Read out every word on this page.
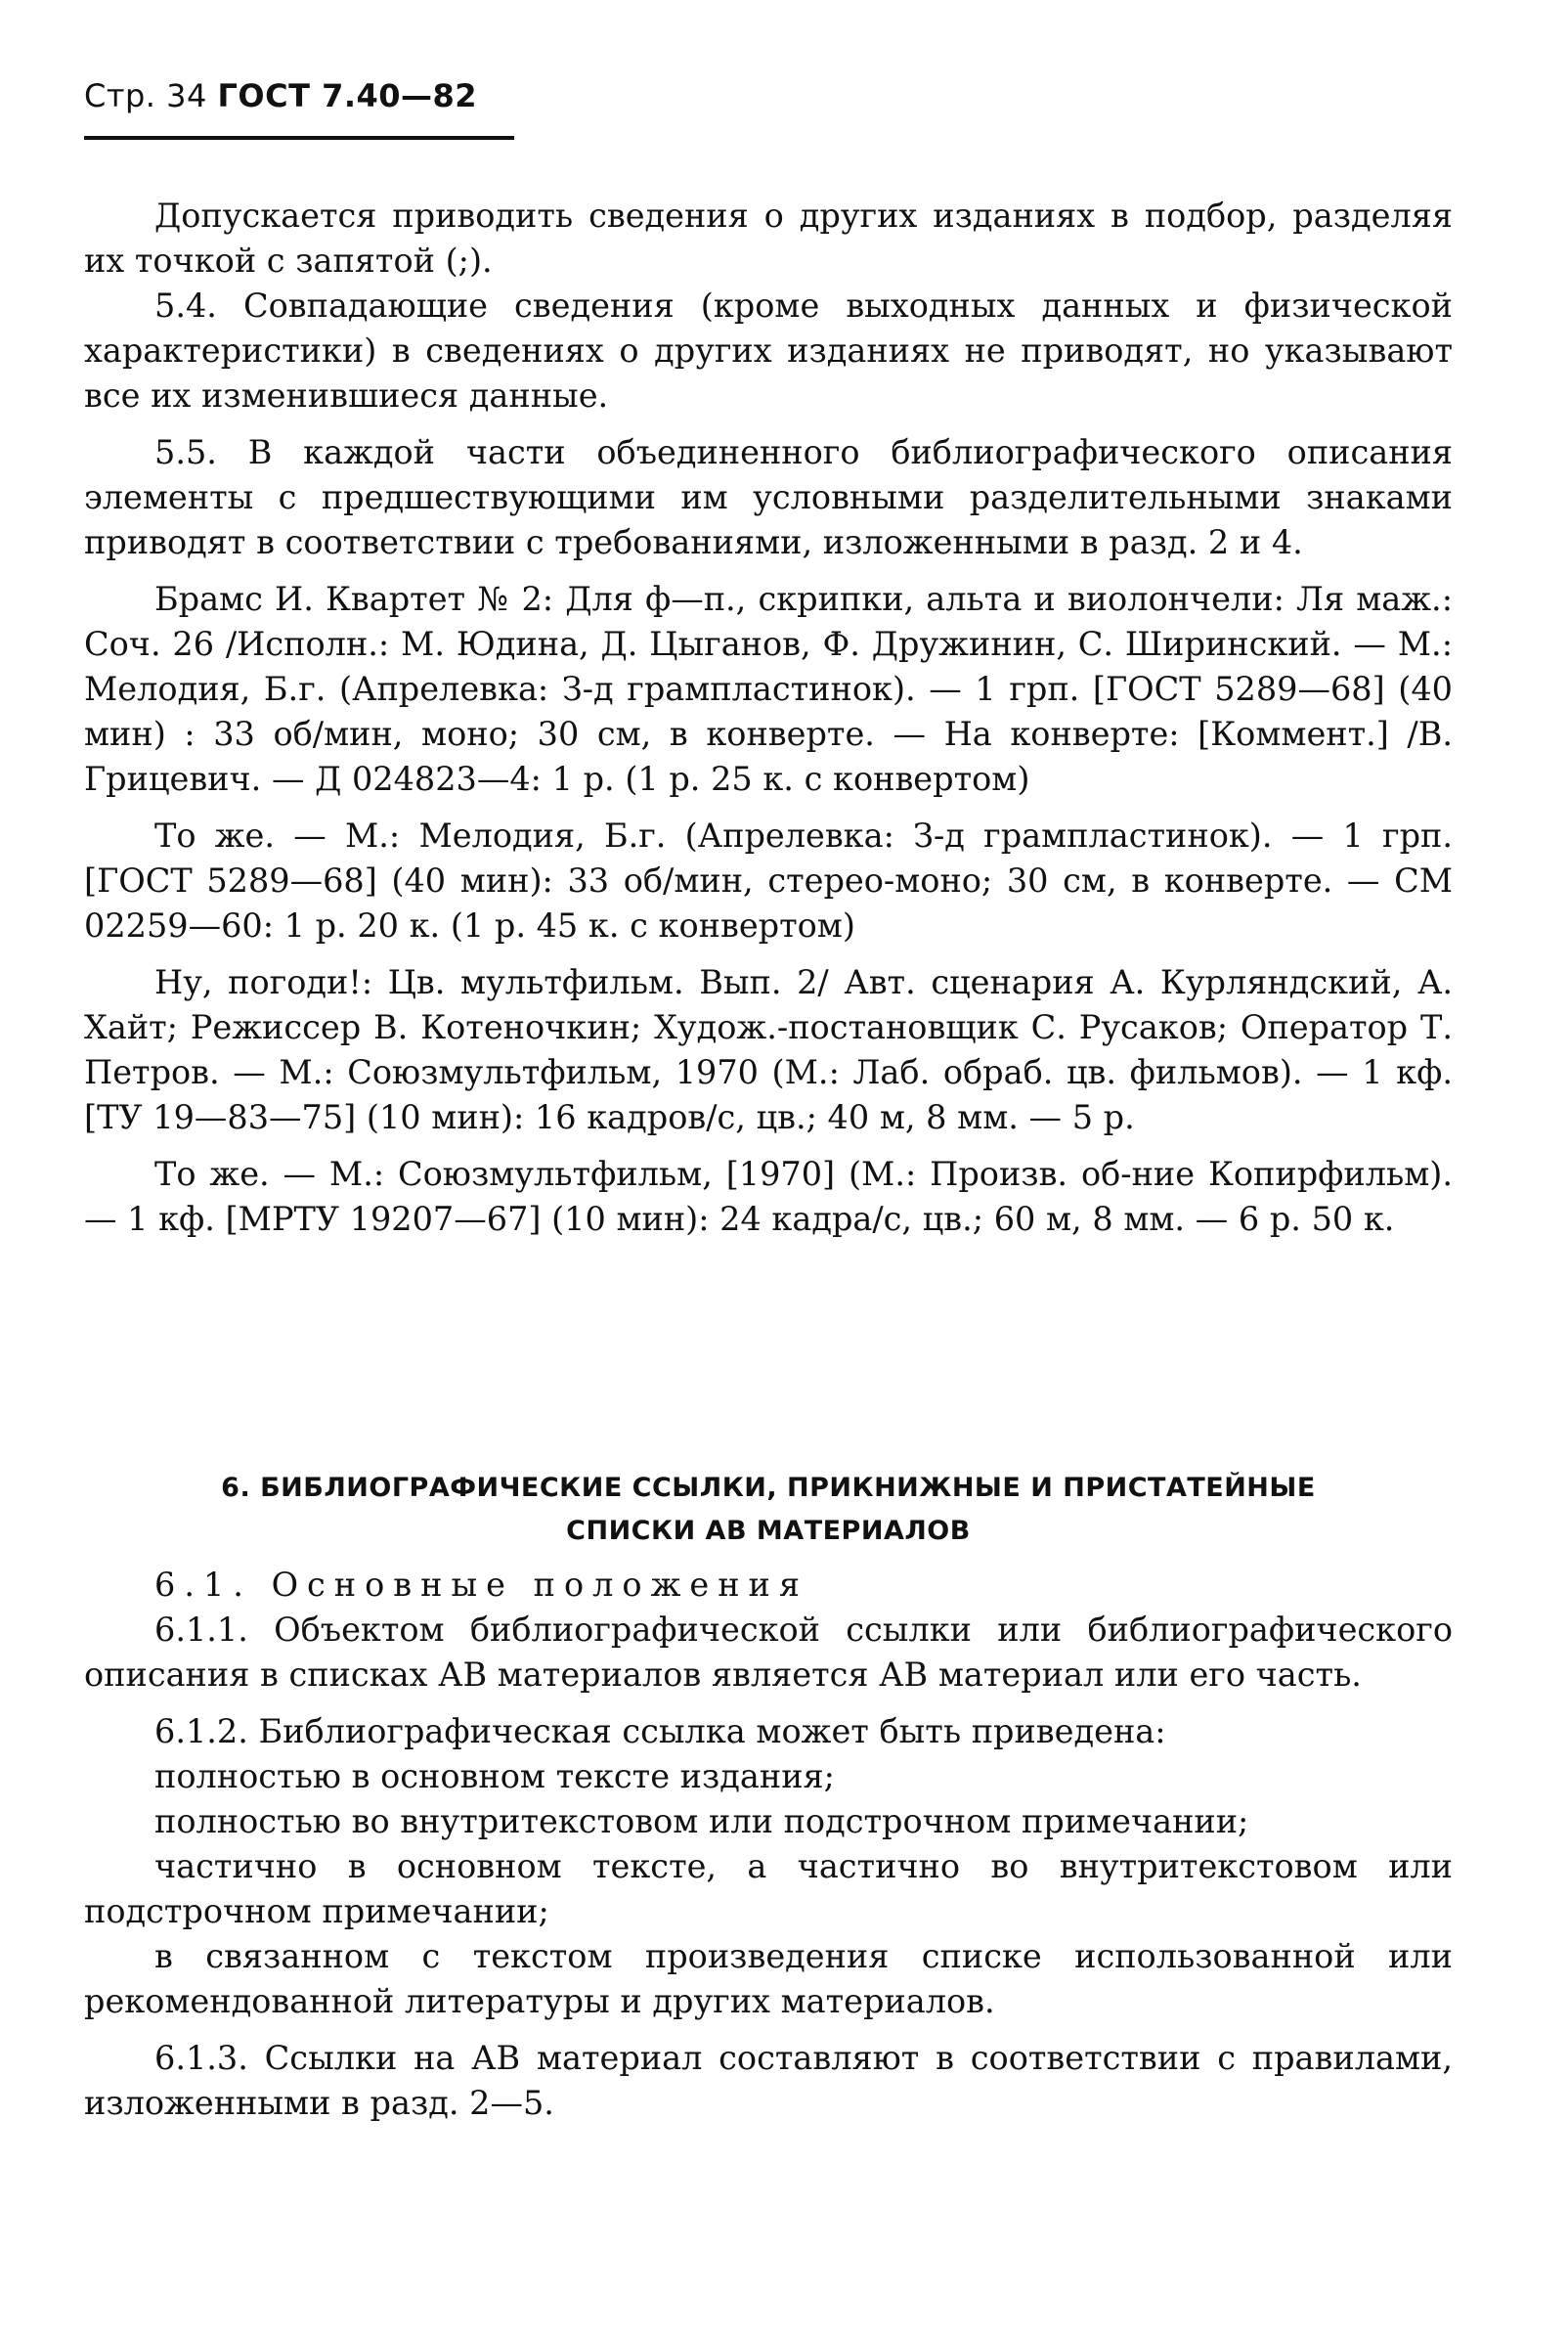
Стр. 34 ГОСТ 7.40—82

Допускается приводить сведения о других изданиях в подбор, разделяя их точкой с запятой (;).

5.4. Совпадающие сведения (кроме выходных данных и физической характеристики) в сведениях о других изданиях не приводят, но указывают все их изменившиеся данные.

5.5. В каждой части объединенного библиографического описания элементы с предшествующими им условными разделительными знаками приводят в соответствии с требованиями, изложенными в разд. 2 и 4.

Брамс И. Квартет № 2: Для ф—п., скрипки, альта и виолончели: Ля маж.: Соч. 26 /Исполн.: М. Юдина, Д. Цыганов, Ф. Дружинин, С. Ширинский. — М.: Мелодия, Б.г. (Апрелевка: З-д грампластинок). — 1 грп. [ГОСТ 5289—68] (40 мин) : 33 об/мин, моно; 30 см, в конверте. — На конверте: [Коммент.] /В. Грицевич. — Д 024823—4: 1 р. (1 р. 25 к. с конвертом)

То же. — М.: Мелодия, Б.г. (Апрелевка: З-д грампластинок). — 1 грп. [ГОСТ 5289—68] (40 мин): 33 об/мин, стерео-моно; 30 см, в конверте. — СМ 02259—60: 1 р. 20 к. (1 р. 45 к. с конвертом)

Ну, погоди!: Цв. мультфильм. Вып. 2/ Авт. сценария А. Курляндский, А. Хайт; Режиссер В. Котеночкин; Худож.-постановщик С. Русаков; Оператор Т. Петров. — М.: Союзмультфильм, 1970 (М.: Лаб. обраб. цв. фильмов). — 1 кф. [ТУ 19—83—75] (10 мин): 16 кадров/с, цв.; 40 м, 8 мм. — 5 р.

То же. — М.: Союзмультфильм, [1970] (М.: Произв. об-ние Копирфильм). — 1 кф. [МРТУ 19207—67] (10 мин): 24 кадра/с, цв.; 60 м, 8 мм. — 6 р. 50 к.

6. БИБЛИОГРАФИЧЕСКИЕ ССЫЛКИ, ПРИКНИЖНЫЕ И ПРИСТАТЕЙНЫЕ
СПИСКИ АВ МАТЕРИАЛОВ

6.1. Основные положения

6.1.1. Объектом библиографической ссылки или библиографического описания в списках АВ материалов является АВ материал или его часть.

6.1.2. Библиографическая ссылка может быть приведена:

полностью в основном тексте издания;

полностью во внутритекстовом или подстрочном примечании;

частично в основном тексте, а частично во внутритекстовом или подстрочном примечании;

в связанном с текстом произведения списке использованной или рекомендованной литературы и других материалов.

6.1.3. Ссылки на АВ материал составляют в соответствии с правилами, изложенными в разд. 2—5.
